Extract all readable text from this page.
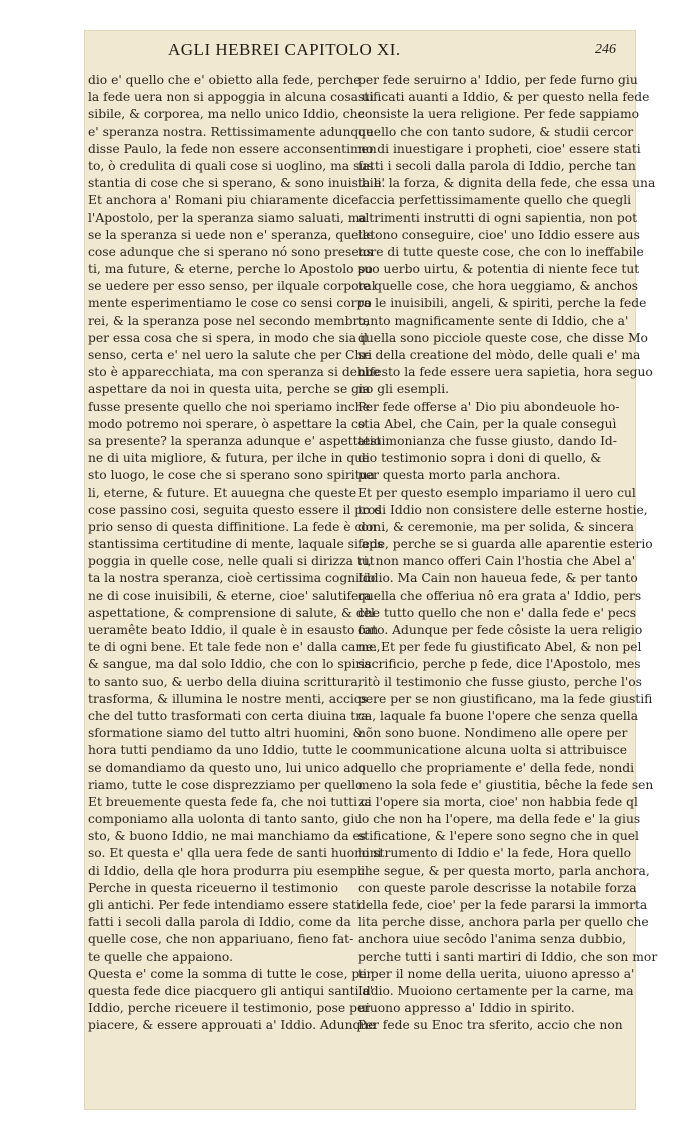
AGLI HEBREI CAPITOLO XI.	246
dio e' quello che e' obietto alla fede, perche
la fede uera non si appoggia in alcuna cosa ui
sibile, & corporea, ma nello unico Iddio, che
e' speranza nostra. Rettissimamente adunque
disse Paulo, la fede non essere acconsentimen
to, ò credulita di quali cose si uoglino, ma sus
stantia di cose che si sperano, & sono inuisibili.
Et anchora a' Romani piu chiaramente dice
l'Apostolo, per la speranza siamo saluati, ma
se la speranza si uede non e' speranza, quelle
cose adunque che si sperano nó sono presens
ti, ma future, & eterne, perche lo Apostolo po
se uedere per esso senso, per ilquale corporal
mente esperimentiamo le cose co sensi corpo
rei, & la speranza pose nel secondo membro,
per essa cosa che si spera, in modo che sia il
senso, certa e' nel uero la salute che per Chri
sto è apparecchiata, ma con speranza si debbe
aspettare da noi in questa uita, perche se gia
fusse presente quello che noi speriamo inche
modo potremo noi sperare, ò aspettare la co
sa presente? la speranza adunque e' aspettatio
ne di uita migliore, & futura, per ilche in que
sto luogo, le cose che si sperano sono spiritua
li, eterne, & future. Et auuegna che queste
cose passino cosi, seguita questo essere il pros
prio senso di questa diffinitione. La fede è con
stantissima certitudine di mente, laquale si aps
poggia in quelle cose, nelle quali si dirizza tut
ta la nostra speranza, cioè certissima cognitio
ne di cose inuisibili, & eterne, cioe' salutifera
aspettatione, & comprensione di salute, & del
ueramête beato Iddio, il quale è in esausto fon
te di ogni bene. Et tale fede non e' dalla carne,
& sangue, ma dal solo Iddio, che con lo spiris
to santo suo, & uerbo della diuina scrittura,
trasforma, & illumina le nostre menti, accios
che del tutto trasformati con certa diuina tra
sformatione siamo del tutto altri huomini, &
hora tutti pendiamo da uno Iddio, tutte le co
se domandiamo da questo uno, lui unico ado
riamo, tutte le cose disprezziamo per quello.
Et breuemente questa fede fa, che noi tutti ci
componiamo alla uolonta di tanto santo, giu
sto, & buono Iddio, ne mai manchiamo da es
so. Et questa e' qlla uera fede de santi huomini
di Iddio, della qle hora produrra piu esempli.
Perche in questa riceuerno il testimonio
gli antichi. Per fede intendiamo essere stati
fatti i secoli dalla parola di Iddio, come da
quelle cose, che non appariuano, fieno fat-
te quelle che appaiono.
Questa e' come la somma di tutte le cose, per
questa fede dice piacquero gli antiqui santi a'
Iddio, perche riceuere il testimonio, pose per
piacere, & essere approuati a' Iddio. Adunque
per fede seruirno a' Iddio, per fede furno giu
stificati auanti a Iddio, & per questo nella fede
consiste la uera religione. Per fede sappiamo
quello che con tanto sudore, & studii cercor
no di inuestigare i propheti, cioe' essere stati
fatti i secoli dalla parola di Iddio, perche tan
ta e' la forza, & dignita della fede, che essa una
faccia perfettissimamente quello che quegli
altrimenti instrutti di ogni sapientia, non pot
tetono conseguire, cioe' uno Iddio essere aus
tore di tutte queste cose, che con lo ineffabile
suo uerbo uirtu, & potentia di niente fece tut
te quelle cose, che hora ueggiamo, & anchos
ra le inuisibili, angeli, & spiriti, perche la fede
tanto magnificamente sente di Iddio, che a'
quella sono picciole queste cose, che disse Mo
se della creatione del mòdo, delle quali e' ma
nifesto la fede essere uera sapietia, hora seguo
no gli esempli.
Per fede offerse a' Dio piu abondeuole ho-
stia Abel, che Cain, per la quale conseguì
testimonianza che fusse giusto, dando Id-
dio testimonio sopra i doni di quello, &
per questa morto parla anchora.
Et per questo esemplo impariamo il uero cul
to di Iddio non consistere delle esterne hostie,
doni, & ceremonie, ma per solida, & sincera
fede, perche se si guarda alle aparentie esterio
ri, non manco offeri Cain l'hostia che Abel a'
Iddio. Ma Cain non haueua fede, & per tanto
quella che offeriua nô era grata a' Iddio, pers
che tutto quello che non e' dalla fede e' pecs
cato. Adunque per fede côsiste la uera religio
ne. Et per fede fu giustificato Abel, & non pel
sacrificio, perche p fede, dice l'Apostolo, mes
ritò il testimonio che fusse giusto, perche l'os
pere per se non giustificano, ma la fede giustifi
ca, laquale fa buone l'opere che senza quella
nõn sono buone. Nondimeno alle opere per
communicatione alcuna uolta si attribuisce
quello che propriamente e' della fede, nondi
meno la sola fede e' giustitia, bêche la fede sen
za l'opere sia morta, cioe' non habbia fede ql
lo che non ha l'opere, ma della fede e' la gius
stificatione, & l'epere sono segno che in quel
lo strumento di Iddio e' la fede, Hora quello
che segue, & per questa morto, parla anchora,
con queste parole descrisse la notabile forza
della fede, cioe' per la fede pararsi la immorta
lita perche disse, anchora parla per quello che
anchora uiue secôdo l'anima senza dubbio,
perche tutti i santi martiri di Iddio, che son mor
ti per il nome della uerita, uiuono apresso a'
Iddio. Muoiono certamente per la carne, ma
uiuono appresso a' Iddio in spirito.
Per fede su Enoc tra sferito, accio che non
